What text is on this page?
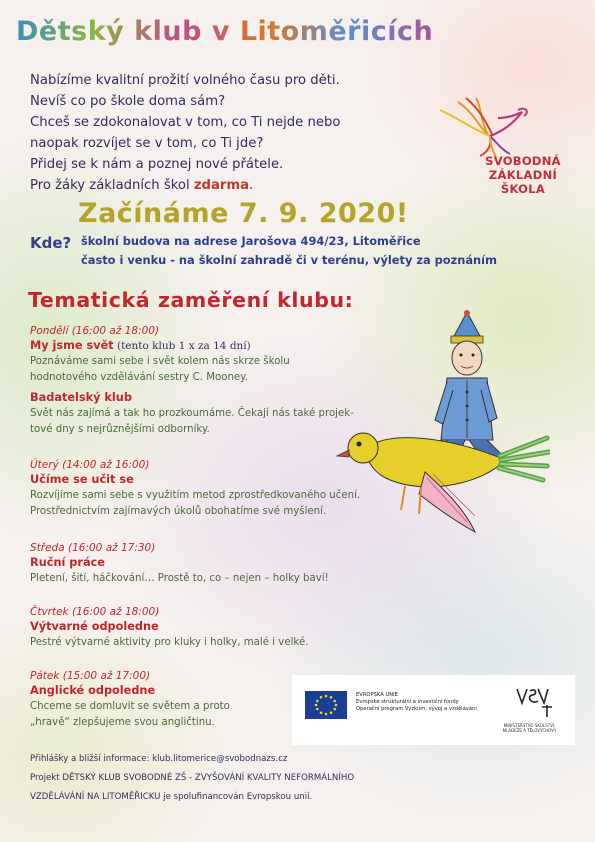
Dětský klub v Litoměřicích

Nabízíme kvalitní prožití volného času pro děti.

Nevíš co po škole doma sám?

Chceš se zdokonalovat v tom, co Ti nejde nebo

naopak rozvíjet se v tom, co Ti jde?

Přidej se k nám a poznej nové přátele.

Pro žáky základních škol zdarma.

SVOBODNÁ
ZÁKLADNÍ ŠKOLA
Začínáme 7. 9. 2020!
Kde? školní budova na adrese Jarošova 494/23, Litoměřice
často i venku - na školní zahradě či v terénu, výlety za poznáním
Tematická zaměření klubu:
Pondělí (16:00 až 18:00)
My jsme svět (tento klub 1 x za 14 dní)

Poznáváme sami sebe i svět kolem nás skrze školu

hodnotového vzdělávání sestry C. Mooney.

Badatelský klub

Svět nás zajímá a tak ho prozkoumáme. Čekají nás také projek-

tové dny s nejrůznějšími odborníky.

Úterý (14:00 až 16:00)
Učíme se učit se

Rozvíjíme sami sebe s využitím metod zprostředkovaného učení.

Prostřednictvím zajímavých úkolů obohatíme své myšlení.

Středa (16:00 až 17:30)
Ruční práce

Pletení, šití, háčkování… Prostě to, co – nejen – holky baví!

Čtvrtek (16:00 až 18:00)
Výtvarné odpoledne

Pestré výtvarné aktivity pro kluky i holky, malé i velké.

Pátek (15:00 až 17:00)
Anglické odpoledne

Chceme se domluvit se světem a proto

„hravě“ zlepšujeme svou angličtinu.

EVROPSKÁ UNIE
Evropské strukturální a investiční fondy
Operační program Výzkum, vývoj a vzdělávání
MINISTERSTVO ŠKOLSTVÍ,
MLÁDEŽE A TĚLOVÝCHOVY

Přihlášky a bližší informace: klub.litomerice@svobodnazs.cz

Projekt DĚTSKÝ KLUB SVOBODNÉ ZŠ - ZVYŠOVÁNÍ KVALITY NEFORMÁLNÍHO

VZDĚLÁVÁNÍ NA LITOMĚŘICKU je spolufinancován Evropskou unií.
